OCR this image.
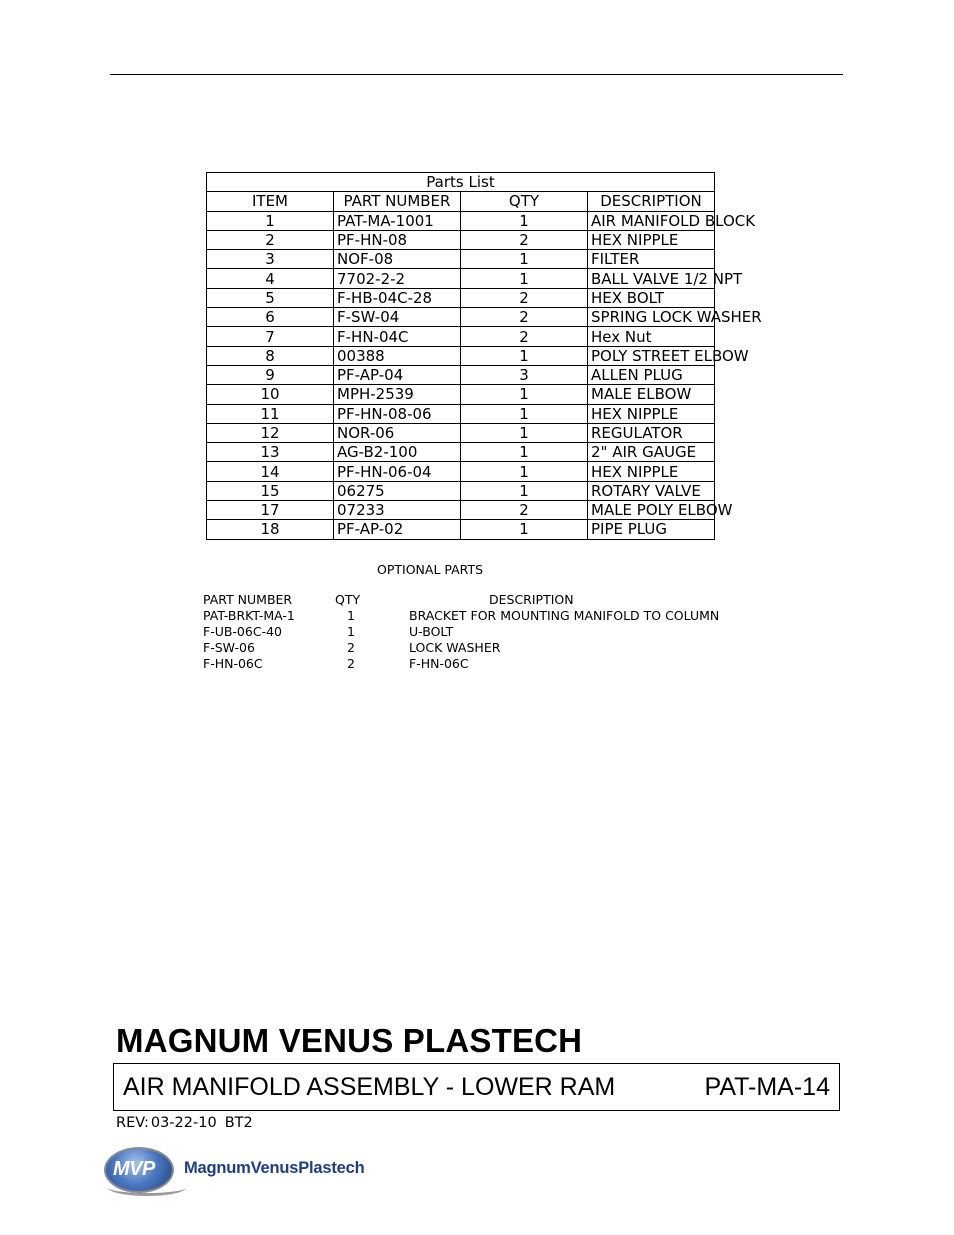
Parts List			
ITEM	PART NUMBER	QTY	DESCRIPTION
1	PAT-MA-1001	1	AIR MANIFOLD BLOCK
2	PF-HN-08	2	HEX NIPPLE
3	NOF-08	1	FILTER
4	7702-2-2	1	BALL VALVE 1/2 NPT
5	F-HB-04C-28	2	HEX BOLT
6	F-SW-04	2	SPRING LOCK WASHER
7	F-HN-04C	2	Hex Nut
8	00388	1	POLY STREET ELBOW
9	PF-AP-04	3	ALLEN PLUG
10	MPH-2539	1	MALE ELBOW
11	PF-HN-08-06	1	HEX NIPPLE
12	NOR-06	1	REGULATOR
13	AG-B2-100	1	2" AIR GAUGE
14	PF-HN-06-04	1	HEX NIPPLE
15	06275	1	ROTARY VALVE
17	07233	2	MALE POLY ELBOW
18	PF-AP-02	1	PIPE PLUG
OPTIONAL PARTS
PART NUMBER	QTY	DESCRIPTION
PAT-BRKT-MA-1	1	BRACKET FOR MOUNTING MANIFOLD TO COLUMN
F-UB-06C-40	1	U-BOLT
F-SW-06	2	LOCK WASHER
F-HN-06C	2	F-HN-06C
MAGNUM VENUS PLASTECH
AIR MANIFOLD ASSEMBLY - LOWER RAM	PAT-MA-14
REV: 03-22-10 BT2
MVP MagnumVenusPlastech
